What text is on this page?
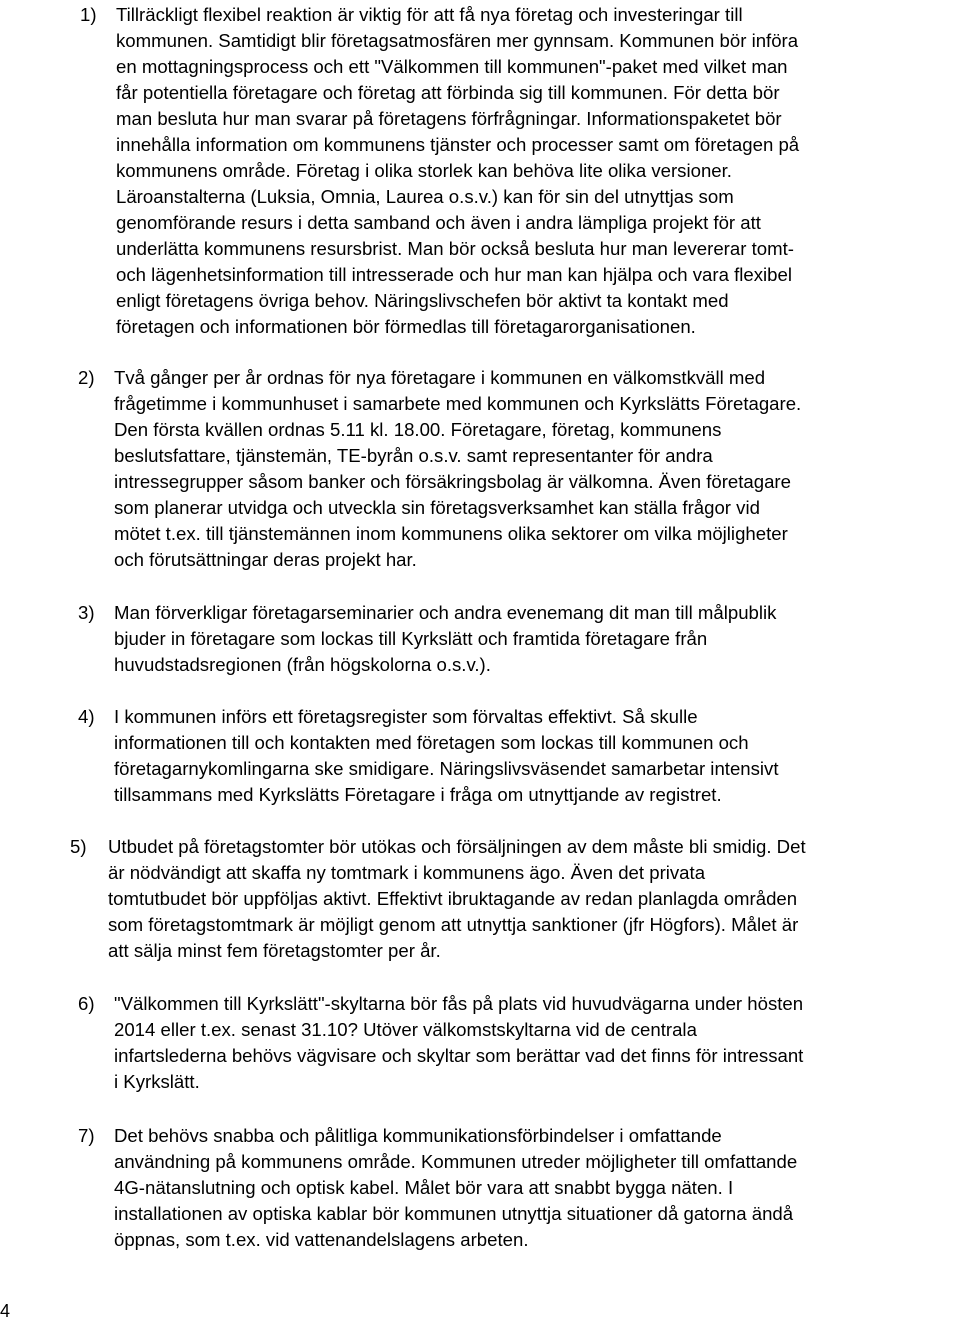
1) Tillräckligt flexibel reaktion är viktig för att få nya företag och investeringar till
kommunen. Samtidigt blir företagsatmosfären mer gynnsam. Kommunen bör införa
en mottagningsprocess och ett "Välkommen till kommunen"-paket med vilket man
får potentiella företagare och företag att förbinda sig till kommunen. För detta bör
man besluta hur man svarar på företagens förfrågningar. Informationspaketet bör
innehålla information om kommunens tjänster och processer samt om företagen på
kommunens område. Företag i olika storlek kan behöva lite olika versioner.
Läroanstalterna (Luksia, Omnia, Laurea o.s.v.) kan för sin del utnyttjas som
genomförande resurs i detta samband och även i andra lämpliga projekt för att
underlätta kommunens resursbrist. Man bör också besluta hur man levererar tomt-
och lägenhetsinformation till intresserade och hur man kan hjälpa och vara flexibel
enligt företagens övriga behov. Näringslivschefen bör aktivt ta kontakt med
företagen och informationen bör förmedlas till företagarorganisationen.
2) Två gånger per år ordnas för nya företagare i kommunen en välkomstkväll med
frågetimme i kommunhuset i samarbete med kommunen och Kyrkslätts Företagare.
Den första kvällen ordnas 5.11 kl. 18.00. Företagare, företag, kommunens
beslutsfattare, tjänstemän, TE-byrån o.s.v. samt representanter för andra
intressegrupper såsom banker och försäkringsbolag är välkomna. Även företagare
som planerar utvidga och utveckla sin företagsverksamhet kan ställa frågor vid
mötet t.ex. till tjänstemännen inom kommunens olika sektorer om vilka möjligheter
och förutsättningar deras projekt har.
3) Man förverkligar företagarseminarier och andra evenemang dit man till målpublik
bjuder in företagare som lockas till Kyrkslätt och framtida företagare från
huvudstadsregionen (från högskolorna o.s.v.).
4) I kommunen införs ett företagsregister som förvaltas effektivt. Så skulle
informationen till och kontakten med företagen som lockas till kommunen och
företagarnykomlingarna ske smidigare. Näringslivsväsendet samarbetar intensivt
tillsammans med Kyrkslätts Företagare i fråga om utnyttjande av registret.
5) Utbudet på företagstomter bör utökas och försäljningen av dem måste bli smidig. Det
är nödvändigt att skaffa ny tomtmark i kommunens ägo. Även det privata
tomtutbudet bör uppföljas aktivt. Effektivt ibruktagande av redan planlagda områden
som företagstomtmark är möjligt genom att utnyttja sanktioner (jfr Högfors). Målet är
att sälja minst fem företagstomter per år.
6) "Välkommen till Kyrkslätt"-skyltarna bör fås på plats vid huvudvägarna under hösten
2014 eller t.ex. senast 31.10? Utöver välkomstskyltarna vid de centrala
infartslederna behövs vägvisare och skyltar som berättar vad det finns för intressant
i Kyrkslätt.
7) Det behövs snabba och pålitliga kommunikationsförbindelser i omfattande
användning på kommunens område. Kommunen utreder möjligheter till omfattande
4G-nätanslutning och optisk kabel. Målet bör vara att snabbt bygga näten. I
installationen av optiska kablar bör kommunen utnyttja situationer då gatorna ändå
öppnas, som t.ex. vid vattenandelslagens arbeten.
4
